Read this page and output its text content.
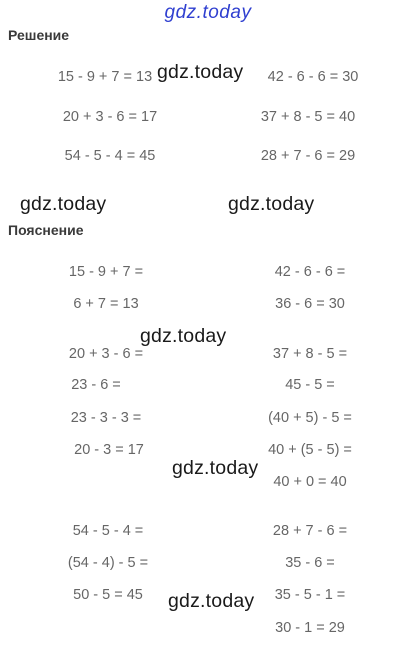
gdz.today
Решение
15 - 9 + 7 = 13	42 - 6 - 6 = 30
20 + 3 - 6 = 17	37 + 8 - 5 = 40
54 - 5 - 4 = 45	28 + 7 - 6 = 29
Пояснение
15 - 9 + 7 =
6 + 7 = 13
20 + 3 - 6 =
23 - 6 =
23 - 3 - 3 =
20 - 3 = 17
54 - 5 - 4 =
(54 - 4) - 5 =
50 - 5 = 45
42 - 6 - 6 =
36 - 6 = 30
37 + 8 - 5 =
45 - 5 =
(40 + 5) - 5 =
40 + (5 - 5) =
40 + 0 = 40
28 + 7 - 6 =
35 - 6 =
35 - 5 - 1 =
30 - 1 = 29
gdz.today
gdz.today	gdz.today
gdz.today
gdz.today
gdz.today
